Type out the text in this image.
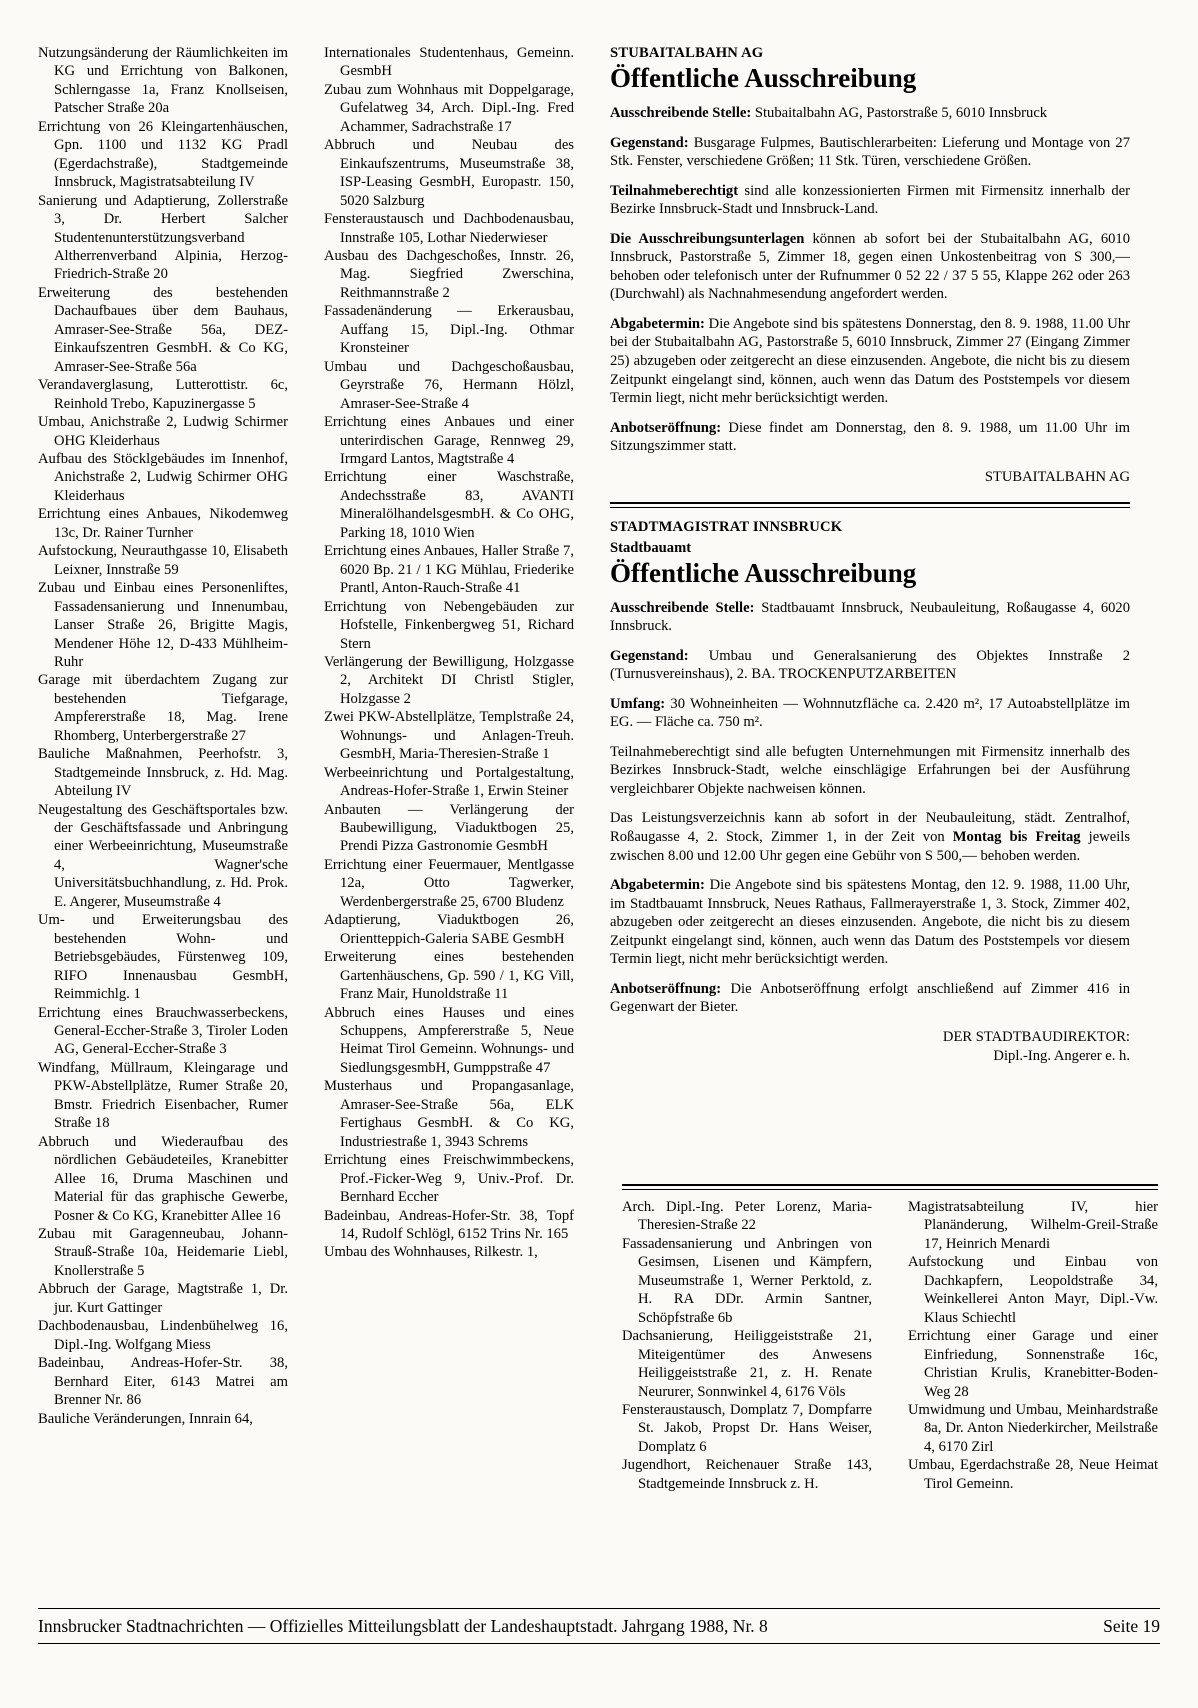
Nutzungsänderung der Räumlichkeiten im KG und Errichtung von Balkonen, Schlerngasse 1a, Franz Knollseisen, Patscher Straße 20a

Errichtung von 26 Kleingartenhäuschen, Gpn. 1100 und 1132 KG Pradl (Egerdachstraße), Stadtgemeinde Innsbruck, Magistratsabteilung IV

Sanierung und Adaptierung, Zollerstraße 3, Dr. Herbert Salcher Studentenunterstützungsverband Altherrenverband Alpinia, Herzog-Friedrich-Straße 20

Erweiterung des bestehenden Dachaufbaues über dem Bauhaus, Amraser-See-Straße 56a, DEZ-Einkaufszentren GesmbH. & Co KG, Amraser-See-Straße 56a

Verandaverglasung, Lutterottistr. 6c, Reinhold Trebo, Kapuzinergasse 5

Umbau, Anichstraße 2, Ludwig Schirmer OHG Kleiderhaus

Aufbau des Stöcklgebäudes im Innenhof, Anichstraße 2, Ludwig Schirmer OHG Kleiderhaus

Errichtung eines Anbaues, Nikodemweg 13c, Dr. Rainer Turnher

Aufstockung, Neurauthgasse 10, Elisabeth Leixner, Innstraße 59

Zubau und Einbau eines Personenliftes, Fassadensanierung und Innenumbau, Lanser Straße 26, Brigitte Magis, Mendener Höhe 12, D-433 Mühlheim-Ruhr

Garage mit überdachtem Zugang zur bestehenden Tiefgarage, Ampfererstraße 18, Mag. Irene Rhomberg, Unterbergerstraße 27

Bauliche Maßnahmen, Peerhofstr. 3, Stadtgemeinde Innsbruck, z. Hd. Mag. Abteilung IV

Neugestaltung des Geschäftsportales bzw. der Geschäftsfassade und Anbringung einer Werbeeinrichtung, Museumstraße 4, Wagner'sche Universitätsbuchhandlung, z. Hd. Prok. E. Angerer, Museumstraße 4

Um- und Erweiterungsbau des bestehenden Wohn- und Betriebsgebäudes, Fürstenweg 109, RIFO Innenausbau GesmbH, Reimmichlg. 1

Errichtung eines Brauchwasserbeckens, General-Eccher-Straße 3, Tiroler Loden AG, General-Eccher-Straße 3

Windfang, Müllraum, Kleingarage und PKW-Abstellplätze, Rumer Straße 20, Bmstr. Friedrich Eisenbacher, Rumer Straße 18

Abbruch und Wiederaufbau des nördlichen Gebäudeteiles, Kranebitter Allee 16, Druma Maschinen und Material für das graphische Gewerbe, Posner & Co KG, Kranebitter Allee 16

Zubau mit Garagenneubau, Johann-Strauß-Straße 10a, Heidemarie Liebl, Knollerstraße 5

Abbruch der Garage, Magtstraße 1, Dr. jur. Kurt Gattinger

Dachbodenausbau, Lindenbühelweg 16, Dipl.-Ing. Wolfgang Miess

Badeinbau, Andreas-Hofer-Str. 38, Bernhard Eiter, 6143 Matrei am Brenner Nr. 86

Bauliche Veränderungen, Innrain 64,

Internationales Studentenhaus, Gemeinn. GesmbH

Zubau zum Wohnhaus mit Doppelgarage, Gufelatweg 34, Arch. Dipl.-Ing. Fred Achammer, Sadrachstraße 17

Abbruch und Neubau des Einkaufszentrums, Museumstraße 38, ISP-Leasing GesmbH, Europastr. 150, 5020 Salzburg

Fensteraustausch und Dachbodenausbau, Innstraße 105, Lothar Niederwieser

Ausbau des Dachgeschoßes, Innstr. 26, Mag. Siegfried Zwerschina, Reithmannstraße 2

Fassadenänderung — Erkerausbau, Auffang 15, Dipl.-Ing. Othmar Kronsteiner

Umbau und Dachgeschoßausbau, Geyrstraße 76, Hermann Hölzl, Amraser-See-Straße 4

Errichtung eines Anbaues und einer unterirdischen Garage, Rennweg 29, Irmgard Lantos, Magtstraße 4

Errichtung einer Waschstraße, Andechsstraße 83, AVANTI MineralölhandelsgesmbH. & Co OHG, Parking 18, 1010 Wien

Errichtung eines Anbaues, Haller Straße 7, 6020 Bp. 21 / 1 KG Mühlau, Friederike Prantl, Anton-Rauch-Straße 41

Errichtung von Nebengebäuden zur Hofstelle, Finkenbergweg 51, Richard Stern

Verlängerung der Bewilligung, Holzgasse 2, Architekt DI Christl Stigler, Holzgasse 2

Zwei PKW-Abstellplätze, Templstraße 24, Wohnungs- und Anlagen-Treuh. GesmbH, Maria-Theresien-Straße 1

Werbeeinrichtung und Portalgestaltung, Andreas-Hofer-Straße 1, Erwin Steiner

Anbauten — Verlängerung der Baubewilligung, Viaduktbogen 25, Prendi Pizza Gastronomie GesmbH

Errichtung einer Feuermauer, Mentlgasse 12a, Otto Tagwerker, Werdenbergerstraße 25, 6700 Bludenz

Adaptierung, Viaduktbogen 26, Orientteppich-Galeria SABE GesmbH

Erweiterung eines bestehenden Gartenhäuschens, Gp. 590 / 1, KG Vill, Franz Mair, Hunoldstraße 11

Abbruch eines Hauses und eines Schuppens, Ampfererstraße 5, Neue Heimat Tirol Gemeinn. Wohnungs- und SiedlungsgesmbH, Gumppstraße 47

Musterhaus und Propangasanlage, Amraser-See-Straße 56a, ELK Fertighaus GesmbH. & Co KG, Industriestraße 1, 3943 Schrems

Errichtung eines Freischwimmbeckens, Prof.-Ficker-Weg 9, Univ.-Prof. Dr. Bernhard Eccher

Badeinbau, Andreas-Hofer-Str. 38, Topf 14, Rudolf Schlögl, 6152 Trins Nr. 165

Umbau des Wohnhauses, Rilkestr. 1,

STUBAITALBAHN AG
Öffentliche Ausschreibung

Ausschreibende Stelle: Stubaitalbahn AG, Pastorstraße 5, 6010 Innsbruck

Gegenstand: Busgarage Fulpmes, Bautischlerarbeiten: Lieferung und Montage von 27 Stk. Fenster, verschiedene Größen; 11 Stk. Türen, verschiedene Größen.

Teilnahmeberechtigt sind alle konzessionierten Firmen mit Firmensitz innerhalb der Bezirke Innsbruck-Stadt und Innsbruck-Land.

Die Ausschreibungsunterlagen können ab sofort bei der Stubaitalbahn AG, 6010 Innsbruck, Pastorstraße 5, Zimmer 18, gegen einen Unkostenbeitrag von S 300,— behoben oder telefonisch unter der Rufnummer 0 52 22 / 37 5 55, Klappe 262 oder 263 (Durchwahl) als Nachnahmesendung angefordert werden.

Abgabetermin: Die Angebote sind bis spätestens Donnerstag, den 8. 9. 1988, 11.00 Uhr bei der Stubaitalbahn AG, Pastorstraße 5, 6010 Innsbruck, Zimmer 27 (Eingang Zimmer 25) abzugeben oder zeitgerecht an diese einzusenden. Angebote, die nicht bis zu diesem Zeitpunkt eingelangt sind, können, auch wenn das Datum des Poststempels vor diesem Termin liegt, nicht mehr berücksichtigt werden.

Anbotseröffnung: Diese findet am Donnerstag, den 8. 9. 1988, um 11.00 Uhr im Sitzungszimmer statt.

STUBAITALBAHN AG
STADTMAGISTRAT INNSBRUCK
Stadtbauamt
Öffentliche Ausschreibung

Ausschreibende Stelle: Stadtbauamt Innsbruck, Neubauleitung, Roßaugasse 4, 6020 Innsbruck.

Gegenstand: Umbau und Generalsanierung des Objektes Innstraße 2 (Turnusvereinshaus), 2. BA. TROCKENPUTZARBEITEN

Umfang: 30 Wohneinheiten — Wohnnutzfläche ca. 2.420 m², 17 Autoabstellplätze im EG. — Fläche ca. 750 m².

Teilnahmeberechtigt sind alle befugten Unternehmungen mit Firmensitz innerhalb des Bezirkes Innsbruck-Stadt, welche einschlägige Erfahrungen bei der Ausführung vergleichbarer Objekte nachweisen können.

Das Leistungsverzeichnis kann ab sofort in der Neubauleitung, städt. Zentralhof, Roßaugasse 4, 2. Stock, Zimmer 1, in der Zeit von Montag bis Freitag jeweils zwischen 8.00 und 12.00 Uhr gegen eine Gebühr von S 500,— behoben werden.

Abgabetermin: Die Angebote sind bis spätestens Montag, den 12. 9. 1988, 11.00 Uhr, im Stadtbauamt Innsbruck, Neues Rathaus, Fallmerayerstraße 1, 3. Stock, Zimmer 402, abzugeben oder zeitgerecht an dieses einzusenden. Angebote, die nicht bis zu diesem Zeitpunkt eingelangt sind, können, auch wenn das Datum des Poststempels vor diesem Termin liegt, nicht mehr berücksichtigt werden.

Anbotseröffnung: Die Anbotseröffnung erfolgt anschließend auf Zimmer 416 in Gegenwart der Bieter.

DER STADTBAUDIREKTOR:
Dipl.-Ing. Angerer e. h.

Arch. Dipl.-Ing. Peter Lorenz, Maria-Theresien-Straße 22

Fassadensanierung und Anbringen von Gesimsen, Lisenen und Kämpfern, Museumstraße 1, Werner Perktold, z. H. RA DDr. Armin Santner, Schöpfstraße 6b

Dachsanierung, Heiliggeiststraße 21, Miteigentümer des Anwesens Heiliggeiststraße 21, z. H. Renate Neururer, Sonnwinkel 4, 6176 Völs

Fensteraustausch, Domplatz 7, Dompfarre St. Jakob, Propst Dr. Hans Weiser, Domplatz 6

Jugendhort, Reichenauer Straße 143, Stadtgemeinde Innsbruck z. H.

Magistratsabteilung IV, hier Planänderung, Wilhelm-Greil-Straße 17, Heinrich Menardi

Aufstockung und Einbau von Dachkapfern, Leopoldstraße 34, Weinkellerei Anton Mayr, Dipl.-Vw. Klaus Schiechtl

Errichtung einer Garage und einer Einfriedung, Sonnenstraße 16c, Christian Krulis, Kranebitter-Boden-Weg 28

Umwidmung und Umbau, Meinhardstraße 8a, Dr. Anton Niederkircher, Meilstraße 4, 6170 Zirl

Umbau, Egerdachstraße 28, Neue Heimat Tirol Gemeinn.

Innsbrucker Stadtnachrichten — Offizielles Mitteilungsblatt der Landeshauptstadt. Jahrgang 1988, Nr. 8	Seite 19
